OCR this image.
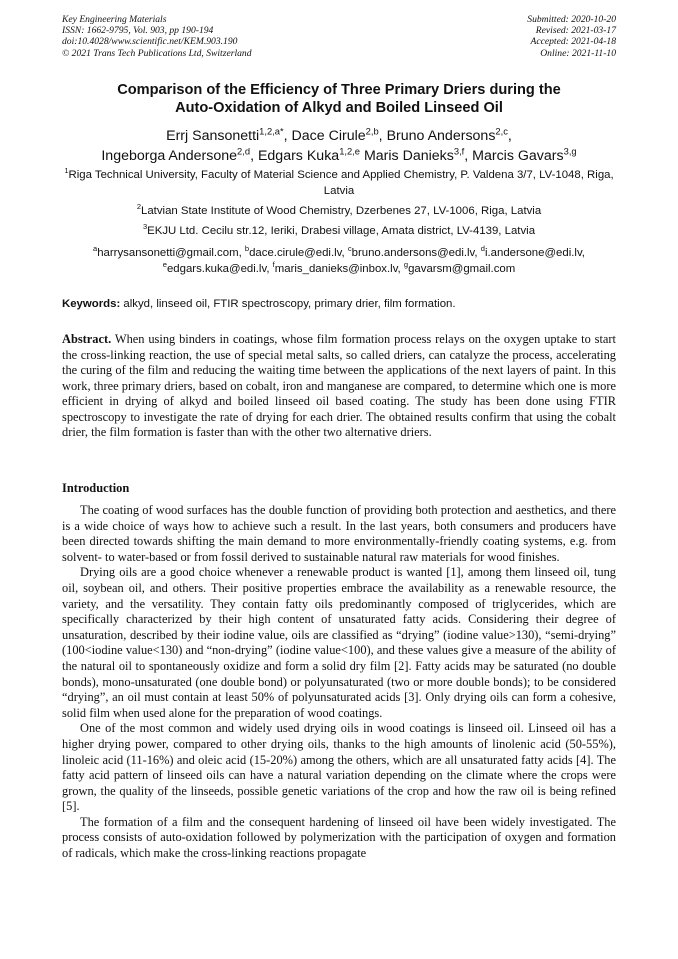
Key Engineering Materials
ISSN: 1662-9795, Vol. 903, pp 190-194
doi:10.4028/www.scientific.net/KEM.903.190
© 2021 Trans Tech Publications Ltd, Switzerland
Submitted: 2020-10-20
Revised: 2021-03-17
Accepted: 2021-04-18
Online: 2021-11-10
Comparison of the Efficiency of Three Primary Driers during the
Auto-Oxidation of Alkyd and Boiled Linseed Oil
Errj Sansonetti$^{1,2,a*}$, Dace Cirule$^{2,b}$, Bruno Andersons$^{2,c}$,
Ingeborga Andersone$^{2,d}$, Edgars Kuka$^{1,2,e}$ Maris Danieks$^{3,f}$, Marcis Gavars$^{3,g}$
$^1$Riga Technical University, Faculty of Material Science and Applied Chemistry, P. Valdena 3/7, LV-1048, Riga, Latvia
$^2$Latvian State Institute of Wood Chemistry, Dzerbenes 27, LV-1006, Riga, Latvia
$^3$EKJU Ltd. Cecilu str.12, Ieriki, Drabesi village, Amata district, LV-4139, Latvia
$^a$harrysansonetti@gmail.com, $^b$dace.cirule@edi.lv, $^c$bruno.andersons@edi.lv, $^d$i.andersone@edi.lv,
$^e$edgars.kuka@edi.lv, $^f$maris_danieks@inbox.lv, $^g$gavarsm@gmail.com
Keywords: alkyd, linseed oil, FTIR spectroscopy, primary drier, film formation.
Abstract. When using binders in coatings, whose film formation process relays on the oxygen uptake to start the cross-linking reaction, the use of special metal salts, so called driers, can catalyze the process, accelerating the curing of the film and reducing the waiting time between the applications of the next layers of paint. In this work, three primary driers, based on cobalt, iron and manganese are compared, to determine which one is more efficient in drying of alkyd and boiled linseed oil based coating. The study has been done using FTIR spectroscopy to investigate the rate of drying for each drier. The obtained results confirm that using the cobalt drier, the film formation is faster than with the other two alternative driers.
Introduction

The coating of wood surfaces has the double function of providing both protection and aesthetics, and there is a wide choice of ways how to achieve such a result. In the last years, both consumers and producers have been directed towards shifting the main demand to more environmentally-friendly coating systems, e.g. from solvent- to water-based or from fossil derived to sustainable natural raw materials for wood finishes.

Drying oils are a good choice whenever a renewable product is wanted [1], among them linseed oil, tung oil, soybean oil, and others. Their positive properties embrace the availability as a renewable resource, the variety, and the versatility. They contain fatty oils predominantly composed of triglycerides, which are specifically characterized by their high content of unsaturated fatty acids. Considering their degree of unsaturation, described by their iodine value, oils are classified as “drying” (iodine value>130), “semi-drying” (100<iodine value<130) and “non-drying” (iodine value<100), and these values give a measure of the ability of the natural oil to spontaneously oxidize and form a solid dry film [2]. Fatty acids may be saturated (no double bonds), mono-unsaturated (one double bond) or polyunsaturated (two or more double bonds); to be considered “drying”, an oil must contain at least 50% of polyunsaturated acids [3]. Only drying oils can form a cohesive, solid film when used alone for the preparation of wood coatings.

One of the most common and widely used drying oils in wood coatings is linseed oil. Linseed oil has a higher drying power, compared to other drying oils, thanks to the high amounts of linolenic acid (50-55%), linoleic acid (11-16%) and oleic acid (15-20%) among the others, which are all unsaturated fatty acids [4]. The fatty acid pattern of linseed oils can have a natural variation depending on the climate where the crops were grown, the quality of the linseeds, possible genetic variations of the crop and how the raw oil is being refined [5].

The formation of a film and the consequent hardening of linseed oil have been widely investigated. The process consists of auto-oxidation followed by polymerization with the participation of oxygen and formation of radicals, which make the cross-linking reactions propagate
